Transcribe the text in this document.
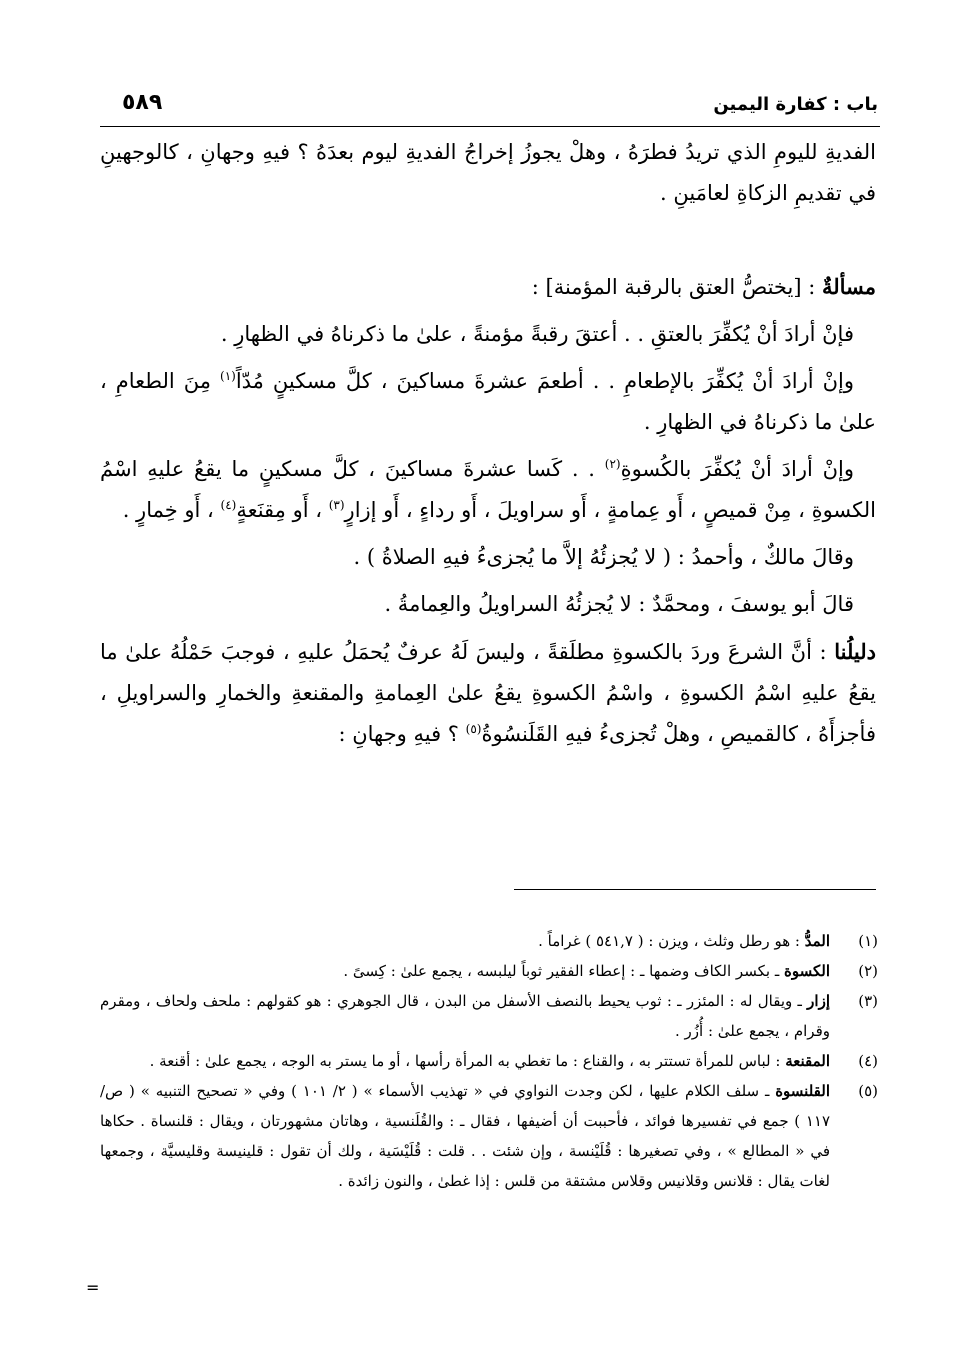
باب : كفارة اليمين
٥٨٩

الفديةِ لليومِ الذي تريدُ فطرَهُ ، وهلْ يجوزُ إخراجُ الفديةِ ليوم بعدَهُ ؟ فيهِ وجهانِ ، كالوجهينِ في تقديمِ الزكاةِ لعامَينِ .

مسألةٌ : [يختصُّ العتق بالرقبة المؤمنة] :

فإنْ أرادَ أنْ يُكفِّرَ بالعتقِ . . أعتقَ رقبةً مؤمنةً ، علىٰ ما ذكرناهُ في الظهارِ .

وإنْ أرادَ أنْ يُكفِّرَ بالإطعامِ . . أطعمَ عشرةَ مساكينَ ، كلَّ مسكينٍ مُدّاً$^{(١)}$ مِنَ الطعامِ ، علىٰ ما ذكرناهُ في الظهارِ .

وإنْ أرادَ أنْ يُكفِّرَ بالكُسوةِ$^{(٢)}$ . . كَسا عشرةَ مساكينَ ، كلَّ مسكينٍ ما يقعُ عليهِ اسْمُ الكسوةِ ، مِنْ قميصٍ ، أَو عِمامةٍ ، أَو سراويلَ ، أَو رداءٍ ، أَو إزارٍ$^{(٣)}$ ، أَو مِقنَعةٍ$^{(٤)}$ ، أَو خِمارٍ .

وقالَ مالكٌ ، وأحمدُ : ( لا يُجزئُهُ إلاَّ ما يُجزىءُ فيهِ الصلاةُ ) .

قالَ أبو يوسفَ ، ومحمَّدٌ : لا يُجزئُهُ السراويلُ والعِمامةُ .

دليلُنا : أنَّ الشرعَ وردَ بالكسوةِ مطلَقةً ، وليسَ لَهُ عرفٌ يُحمَلُ عليهِ ، فوجبَ حَمْلُهُ علىٰ ما يقعُ عليهِ اسْمُ الكسوةِ ، واسْمُ الكسوةِ يقعُ علىٰ العِمامةِ والمقنعةِ والخمارِ والسراويلِ ، فأجزأَهُ ، كالقميصِ ، وهلْ تُجزىءُ فيهِ القَلَنسُوةُ$^{(٥)}$ ؟ فيهِ وجهانِ :

(١)
المدُّ : هو رطل وثلث ، ويزن : ( ٥٤١,٧ ) غراماً .
(٢)
الكسوة ـ بكسر الكاف وضمها ـ : إعطاء الفقير ثوباً ليلبسه ، يجمع علىٰ : كِسىً .
(٣)
إزار ـ ويقال له : المئزر ـ : ثوب يحيط بالنصف الأسفل من البدن ، قال الجوهري : هو كقولهم : ملحف ولحاف ، ومقرم وقرام ، يجمع علىٰ : أُزُر .
(٤)
المقنعة : لباس للمرأة تستتر به ، والقناع : ما تغطي به المرأة رأسها ، أو ما يستر به الوجه ، يجمع علىٰ : أقنعة .
(٥)
القلنسوة ـ سلف الكلام عليها ، لكن وجدت النواوي في « تهذيب الأسماء » ( ٢/ ١٠١ ) وفي « تصحيح التنبيه » ( ص/ ١١٧ ) جمع في تفسيرها فوائد ، فأحببت أن أضيفها ، فقال ـ : والقُلَنسية ، وهاتان مشهورتان ، ويقال : قلنساة . حكاها في « المطالع » ، وفي تصغيرها : قُلَيْنسة ، وإن شئت . . قلت : قُلَيْسَية ، ولك أن تقول : قلينيسة وقليسيَّة ، وجمعها لغات يقال : قلانس وقلانيس وقلاس مشتقة من قلس : إذا غطىٰ ، والنون زائدة .
=
